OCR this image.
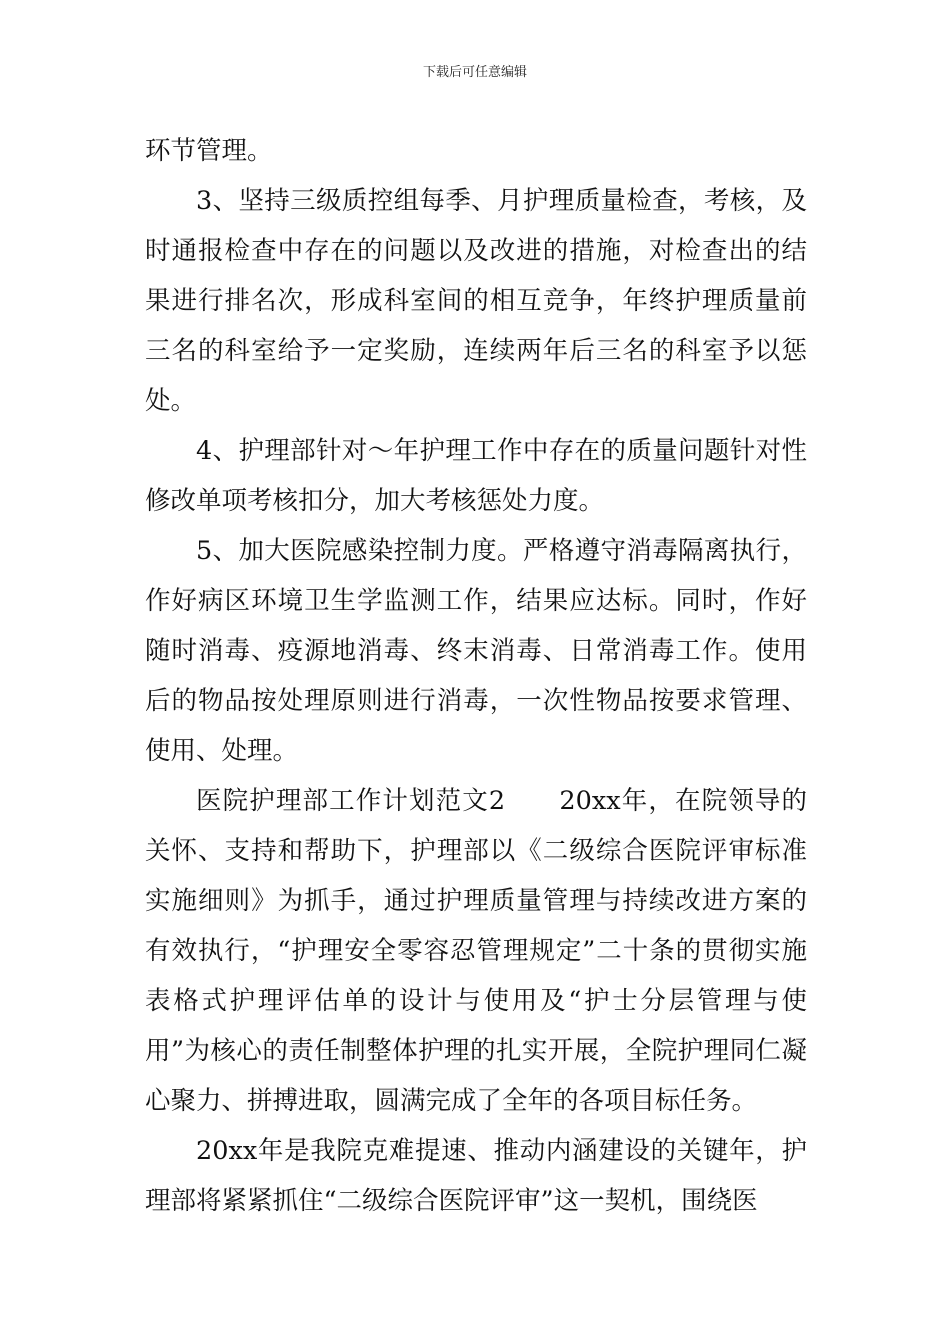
下载后可任意编辑

环节管理。

3、坚持三级质控组每季、月护理质量检查，考核，及时通报检查中存在的问题以及改进的措施，对检查出的结果进行排名次，形成科室间的相互竞争，年终护理质量前三名的科室给予一定奖励，连续两年后三名的科室予以惩处。

4、护理部针对～年护理工作中存在的质量问题针对性修改单项考核扣分，加大考核惩处力度。

5、加大医院感染控制力度。严格遵守消毒隔离执行，作好病区环境卫生学监测工作，结果应达标。同时，作好随时消毒、疫源地消毒、终末消毒、日常消毒工作。使用后的物品按处理原则进行消毒，一次性物品按要求管理、使用、处理。

医院护理部工作计划范文2　　20xx年，在院领导的关怀、支持和帮助下，护理部以《二级综合医院评审标准实施细则》为抓手，通过护理质量管理与持续改进方案的有效执行，“护理安全零容忍管理规定”二十条的贯彻实施表格式护理评估单的设计与使用及“护士分层管理与使用”为核心的责任制整体护理的扎实开展，全院护理同仁凝心聚力、拼搏进取，圆满完成了全年的各项目标任务。

20xx年是我院克难提速、推动内涵建设的关键年，护理部将紧紧抓住“二级综合医院评审”这一契机，围绕医
